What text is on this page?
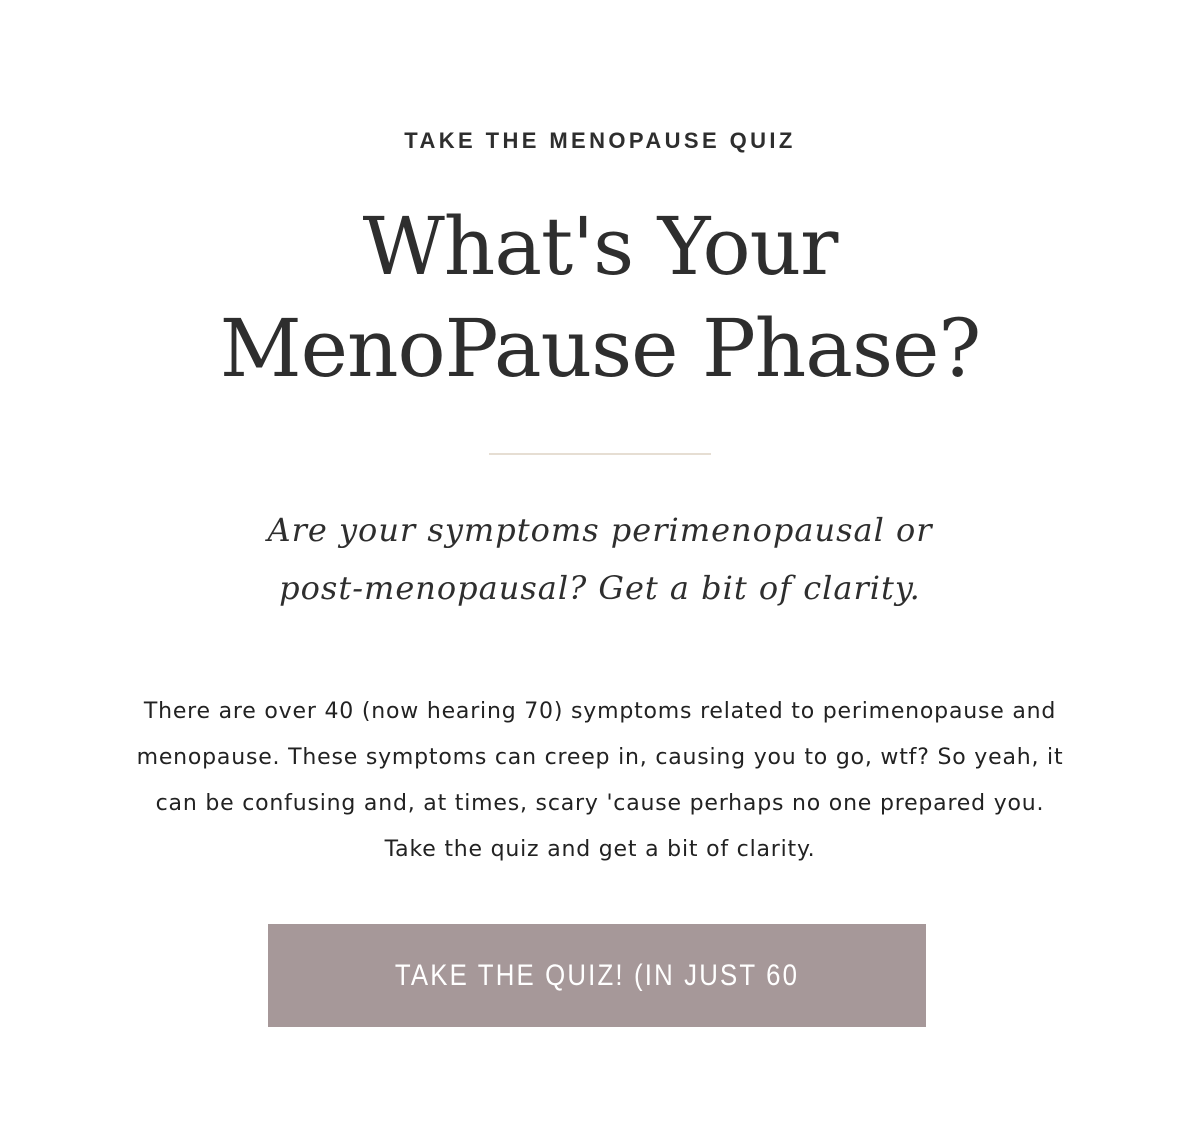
TAKE THE MENOPAUSE QUIZ
What's Your
MenoPause Phase?

Are your symptoms perimenopausal or post-menopausal? Get a bit of clarity.

There are over 40 (now hearing 70) symptoms related to perimenopause and menopause. These symptoms can creep in, causing you to go, wtf? So yeah, it can be confusing and, at times, scary 'cause perhaps no one prepared you. Take the quiz and get a bit of clarity.

TAKE THE QUIZ! (IN JUST 60 SECONDS)
